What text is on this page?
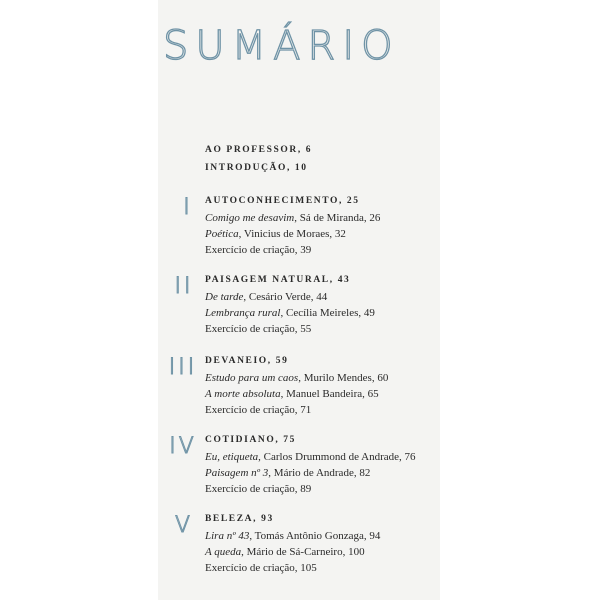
SUMÁRIO
AO PROFESSOR, 6
INTRODUÇÃO, 10
I	AUTOCONHECIMENTO, 25
Comigo me desavim, Sá de Miranda, 26
Poética, Vinicius de Moraes, 32
Exercício de criação, 39
II	PAISAGEM NATURAL, 43
De tarde, Cesário Verde, 44
Lembrança rural, Cecília Meireles, 49
Exercício de criação, 55
III DEVANEIO, 59
Estudo para um caos, Murilo Mendes, 60
A morte absoluta, Manuel Bandeira, 65
Exercício de criação, 71
IV COTIDIANO, 75
Eu, etiqueta, Carlos Drummond de Andrade, 76
Paisagem nº 3, Mário de Andrade, 82
Exercício de criação, 89
V	BELEZA, 93
Lira nº 43, Tomás Antônio Gonzaga, 94
A queda, Mário de Sá-Carneiro, 100
Exercício de criação, 105
